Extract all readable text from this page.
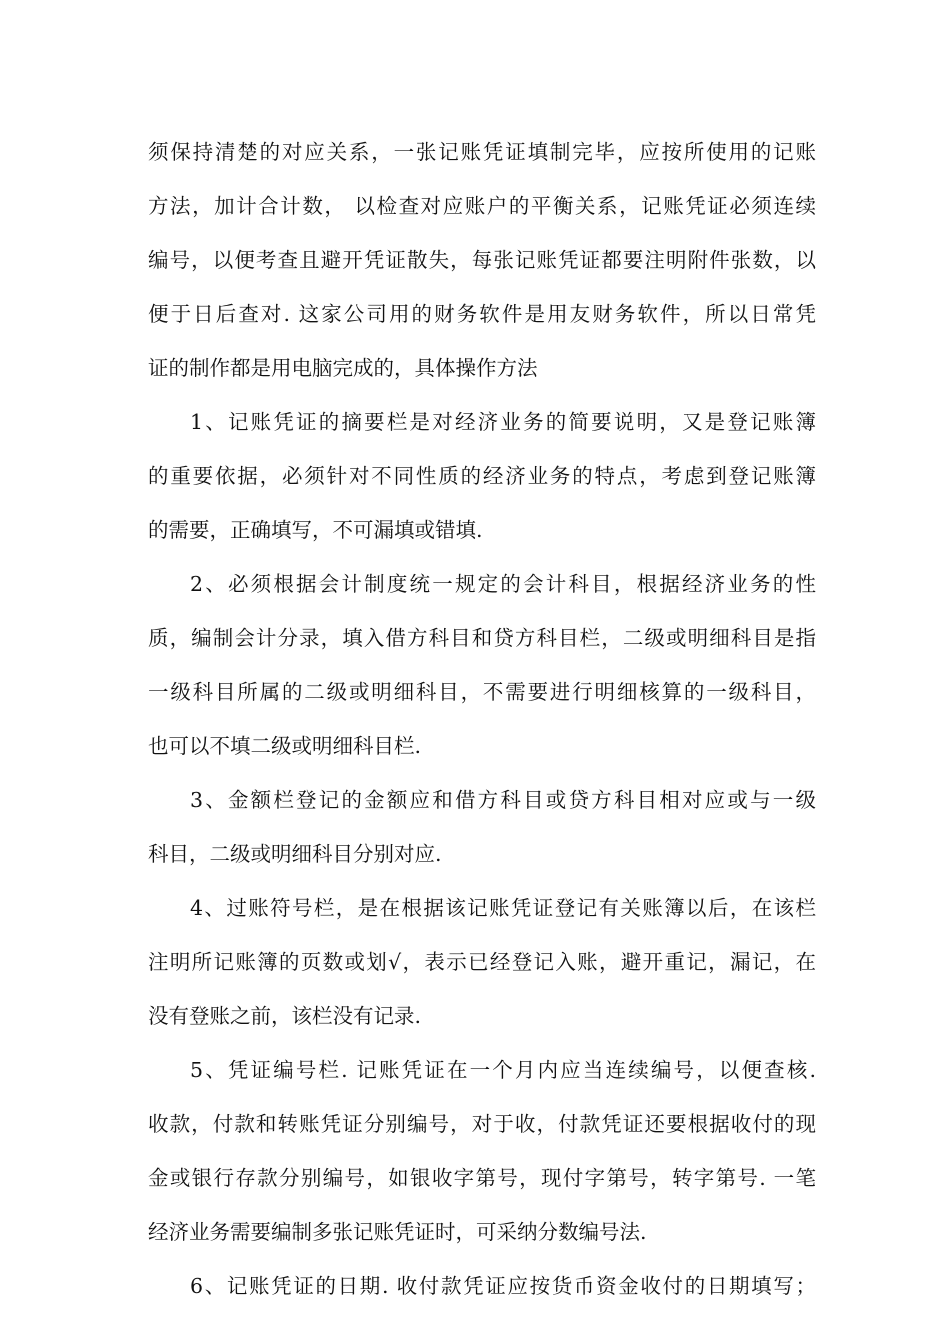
须保持清楚的对应关系，一张记账凭证填制完毕，应按所使用的记账
方法，加计合计数， 以检查对应账户的平衡关系，记账凭证必须连续
编号，以便考查且避开凭证散失，每张记账凭证都要注明附件张数，以
便于日后查对. 这家公司用的财务软件是用友财务软件，所以日常凭
证的制作都是用电脑完成的，具体操作方法
1、记账凭证的摘要栏是对经济业务的简要说明，又是登记账簿
的重要依据，必须针对不同性质的经济业务的特点，考虑到登记账簿
的需要，正确填写，不可漏填或错填.
2、必须根据会计制度统一规定的会计科目，根据经济业务的性
质，编制会计分录，填入借方科目和贷方科目栏，二级或明细科目是指
一级科目所属的二级或明细科目，不需要进行明细核算的一级科目，
也可以不填二级或明细科目栏.
3、金额栏登记的金额应和借方科目或贷方科目相对应或与一级
科目，二级或明细科目分别对应.
4、过账符号栏，是在根据该记账凭证登记有关账簿以后，在该栏
注明所记账簿的页数或划√，表示已经登记入账，避开重记，漏记，在
没有登账之前，该栏没有记录.
5、凭证编号栏. 记账凭证在一个月内应当连续编号，以便查核.
收款，付款和转账凭证分别编号，对于收，付款凭证还要根据收付的现
金或银行存款分别编号，如银收字第号，现付字第号，转字第号. 一笔
经济业务需要编制多张记账凭证时，可采纳分数编号法.
6、记账凭证的日期. 收付款凭证应按货币资金收付的日期填写；
